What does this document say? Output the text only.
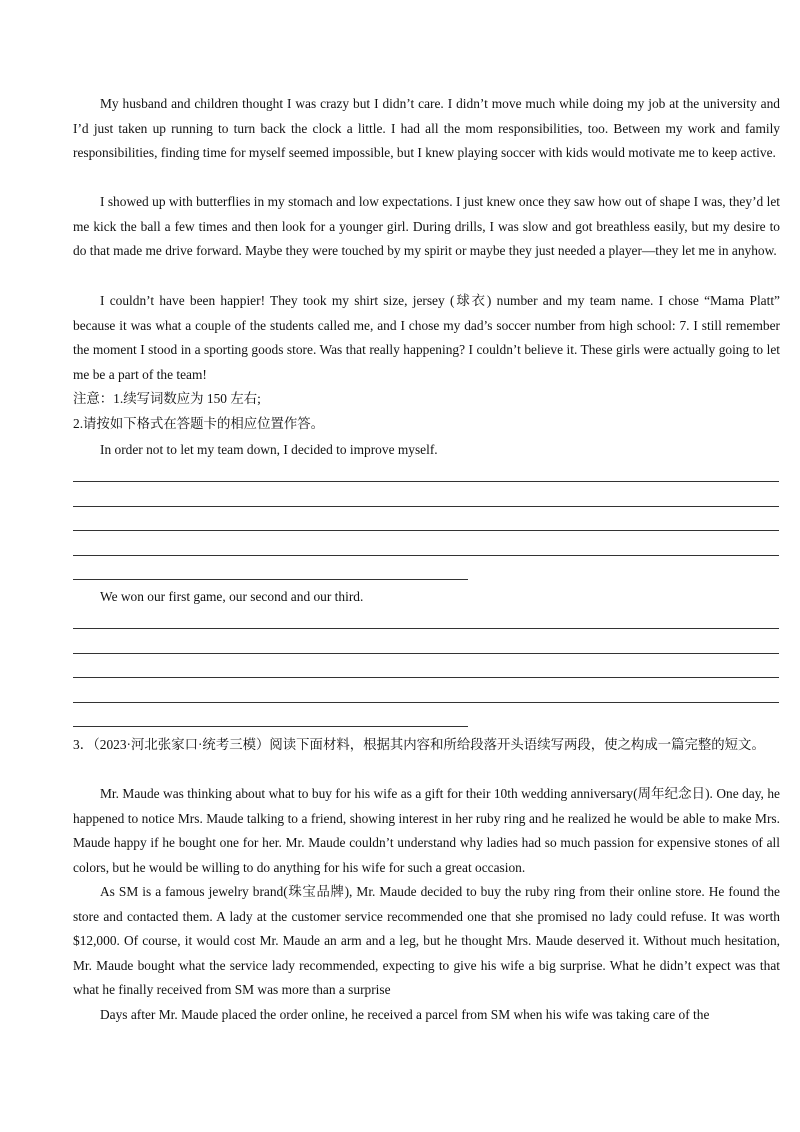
My husband and children thought I was crazy but I didn’t care. I didn’t move much while doing my job at the university and I’d just taken up running to turn back the clock a little. I had all the mom responsibilities, too. Between my work and family responsibilities, finding time for myself seemed impossible, but I knew playing soccer with kids would motivate me to keep active.

I showed up with butterflies in my stomach and low expectations. I just knew once they saw how out of shape I was, they’d let me kick the ball a few times and then look for a younger girl. During drills, I was slow and got breathless easily, but my desire to do that made me drive forward. Maybe they were touched by my spirit or maybe they just needed a player—they let me in anyhow.

I couldn’t have been happier! They took my shirt size, jersey (球衣) number and my team name. I chose “Mama Platt” because it was what a couple of the students called me, and I chose my dad’s soccer number from high school: 7. I still remember the moment I stood in a sporting goods store. Was that really happening? I couldn’t believe it. These girls were actually going to let me be a part of the team!

注意：1.续写词数应为 150 左右;

2.请按如下格式在答题卡的相应位置作答。

In order not to let my team down, I decided to improve myself.

We won our first game, our second and our third.

3．（2023·河北张家口·统考三模）阅读下面材料，根据其内容和所给段落开头语续写两段，使之构成一篇完整的短文。

Mr. Maude was thinking about what to buy for his wife as a gift for their 10th wedding anniversary(周年纪念日). One day, he happened to notice Mrs. Maude talking to a friend, showing interest in her ruby ring and he realized he would be able to make Mrs. Maude happy if he bought one for her. Mr. Maude couldn’t understand why ladies had so much passion for expensive stones of all colors, but he would be willing to do anything for his wife for such a great occasion.

As SM is a famous jewelry brand(珠宝品牌), Mr. Maude decided to buy the ruby ring from their online store. He found the store and contacted them. A lady at the customer service recommended one that she promised no lady could refuse. It was worth $12,000. Of course, it would cost Mr. Maude an arm and a leg, but he thought Mrs. Maude deserved it. Without much hesitation, Mr. Maude bought what the service lady recommended, expecting to give his wife a big surprise. What he didn’t expect was that what he finally received from SM was more than a surprise

Days after Mr. Maude placed the order online, he received a parcel from SM when his wife was taking care of the
